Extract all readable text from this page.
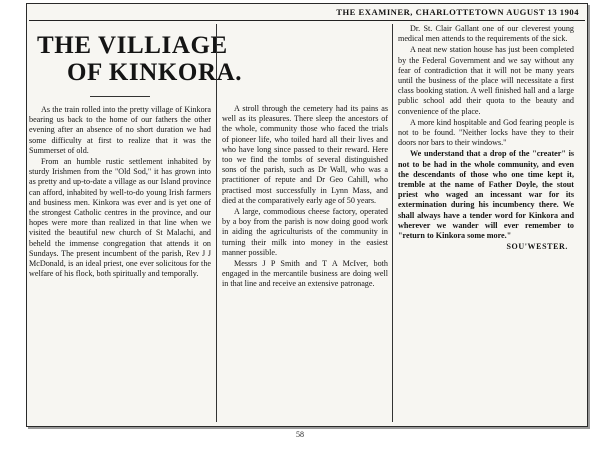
THE EXAMINER, CHARLOTTETOWN AUGUST 13 1904
THE VILLIAGE
OF KINKORA.

As the train rolled into the pretty village of Kinkora bearing us back to the home of our fathers the other evening after an absence of no short duration we had some difficulty at first to realize that it was the Summerset of old.

From an humble rustic settlement inhabited by sturdy Irishmen from the "Old Sod," it has grown into as pretty and up-to-date a village as our Island province can afford, inhabited by well-to-do young Irish farmers and business men. Kinkora was ever and is yet one of the strongest Catholic centres in the province, and our hopes were more than realized in that line when we visited the beautiful new church of St Malachi, and beheld the immense congregation that attends it on Sundays. The present incumbent of the parish, Rev J J McDonald, is an ideal priest, one ever solicitous for the welfare of his flock, both spiritually and temporally.

A stroll through the cemetery had its pains as well as its pleasures. There sleep the ancestors of the whole, community those who faced the trials of pioneer life, who toiled hard all their lives and who have long since passed to their reward. Here too we find the tombs of several distinguished sons of the parish, such as Dr Wall, who was a practitioner of repute and Dr Geo Cahill, who practised most successfully in Lynn Mass, and died at the comparatively early age of 50 years.

A large, commodious cheese factory, operated by a boy from the parish is now doing good work in aiding the agriculturists of the community in turning their milk into money in the easiest manner possible.

Messrs J P Smith and T A McIver, both engaged in the mercantile business are doing well in that line and receive an extensive patronage.

Dr. St. Clair Gallant one of our cleverest young medical men attends to the requirements of the sick.

A neat new station house has just been completed by the Federal Government and we say without any fear of contradiction that it will not be many years until the business of the place will necessitate a first class booking station. A well finished hall and a large public school add their quota to the beauty and convenience of the place.

A more kind hospitable and God fearing people is not to be found. "Neither locks have they to their doors nor bars to their windows."

We understand that a drop of the "creater" is not to be had in the whole community, and even the descendants of those who one time kept it, tremble at the name of Father Doyle, the stout priest who waged an incessant war for its extermination during his incumbency there. We shall always have a tender word for Kinkora and wherever we wander will ever remember to "return to Kinkora some more."

SOU'WESTER.
58
